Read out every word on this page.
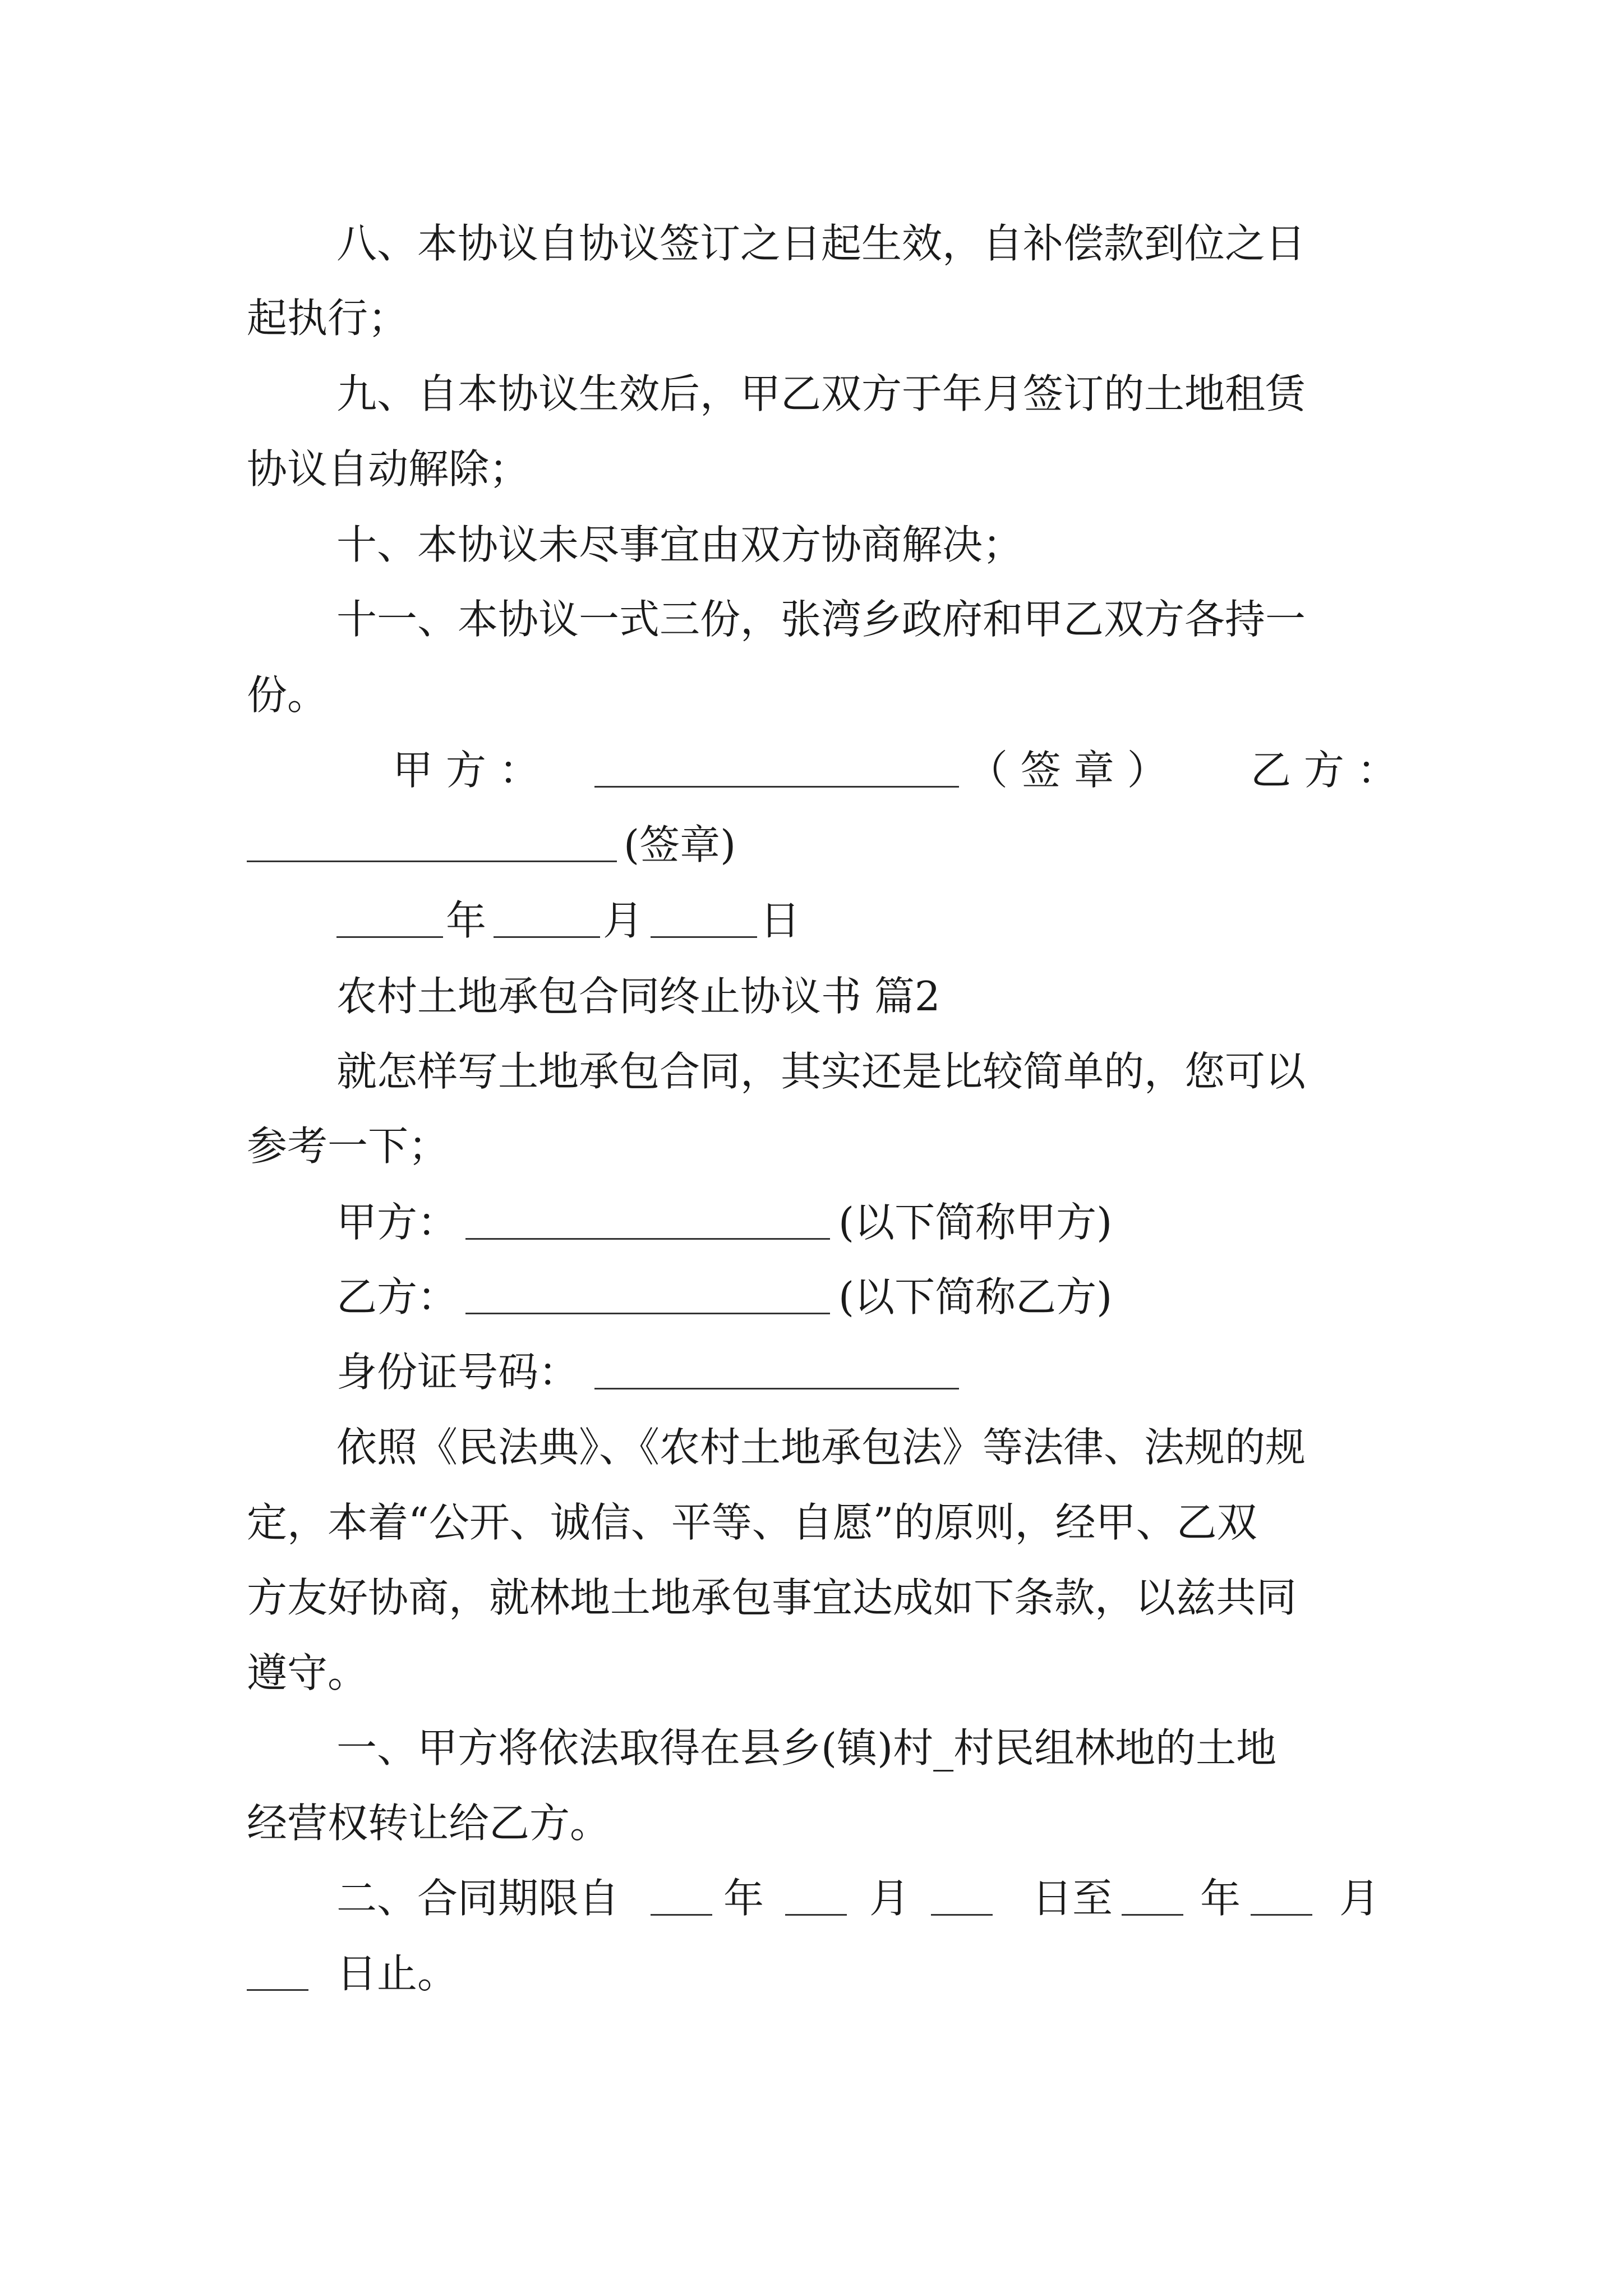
八、本协议自协议签订之日起生效，自补偿款到位之日
起执行；
九、自本协议生效后，甲乙双方于年月签订的土地租赁
协议自动解除；
十、本协议未尽事宜由双方协商解决；
十一、本协议一式三份，张湾乡政府和甲乙双方各持一
份。
甲 方 ：	（ 签 章 ） 乙 方 ：
(签章)
年	月	日
农村土地承包合同终止协议书 篇2
就怎样写土地承包合同，其实还是比较简单的，您可以
参考一下；
甲方：	(以下简称甲方)
乙方：	(以下简称乙方)
身份证号码：
依照《民法典》、《农村土地承包法》等法律、法规的规
定，本着“公开、诚信、平等、自愿”的原则，经甲、乙双
方友好协商，就林地土地承包事宜达成如下条款，以兹共同
遵守。
一、甲方将依法取得在县乡(镇)村_村民组林地的土地
经营权转让给乙方。
二、合同期限自	年	月	日至 年 月
日止。
